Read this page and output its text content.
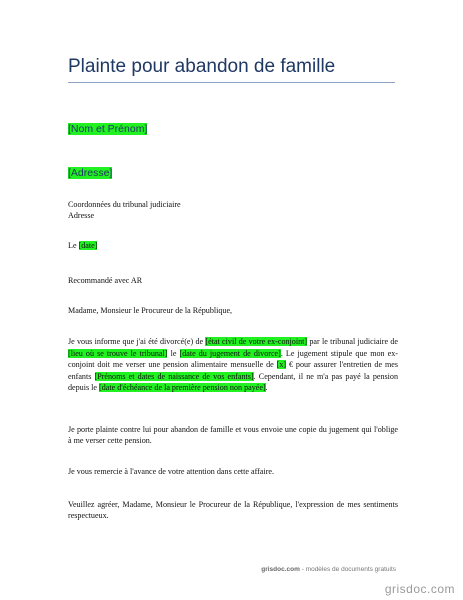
Plainte pour abandon de famille
[Nom et Prénom]
[Adresse]
Coordonnées du tribunal judiciaire
Adresse
Le [date]
Recommandé avec AR
Madame, Monsieur le Procureur de la République,
Je vous informe que j'ai été divorcé(e) de [état civil de votre ex-conjoint] par le tribunal judiciaire de [lieu où se trouve le tribunal] le [date du jugement de divorce]. Le jugement stipule que mon ex-conjoint doit me verser une pension alimentaire mensuelle de [x] € pour assurer l'entretien de mes enfants [Prénoms et dates de naissance de vos enfants]. Cependant, il ne m'a pas payé la pension depuis le [date d'échéance de la première pension non payée].
Je porte plainte contre lui pour abandon de famille et vous envoie une copie du jugement qui l'oblige à me verser cette pension.
Je vous remercie à l'avance de votre attention dans cette affaire.
Veuillez agréer, Madame, Monsieur le Procureur de la République, l'expression de mes sentiments respectueux.
grisdoc.com - modèles de documents gratuits
grisdoc.com
